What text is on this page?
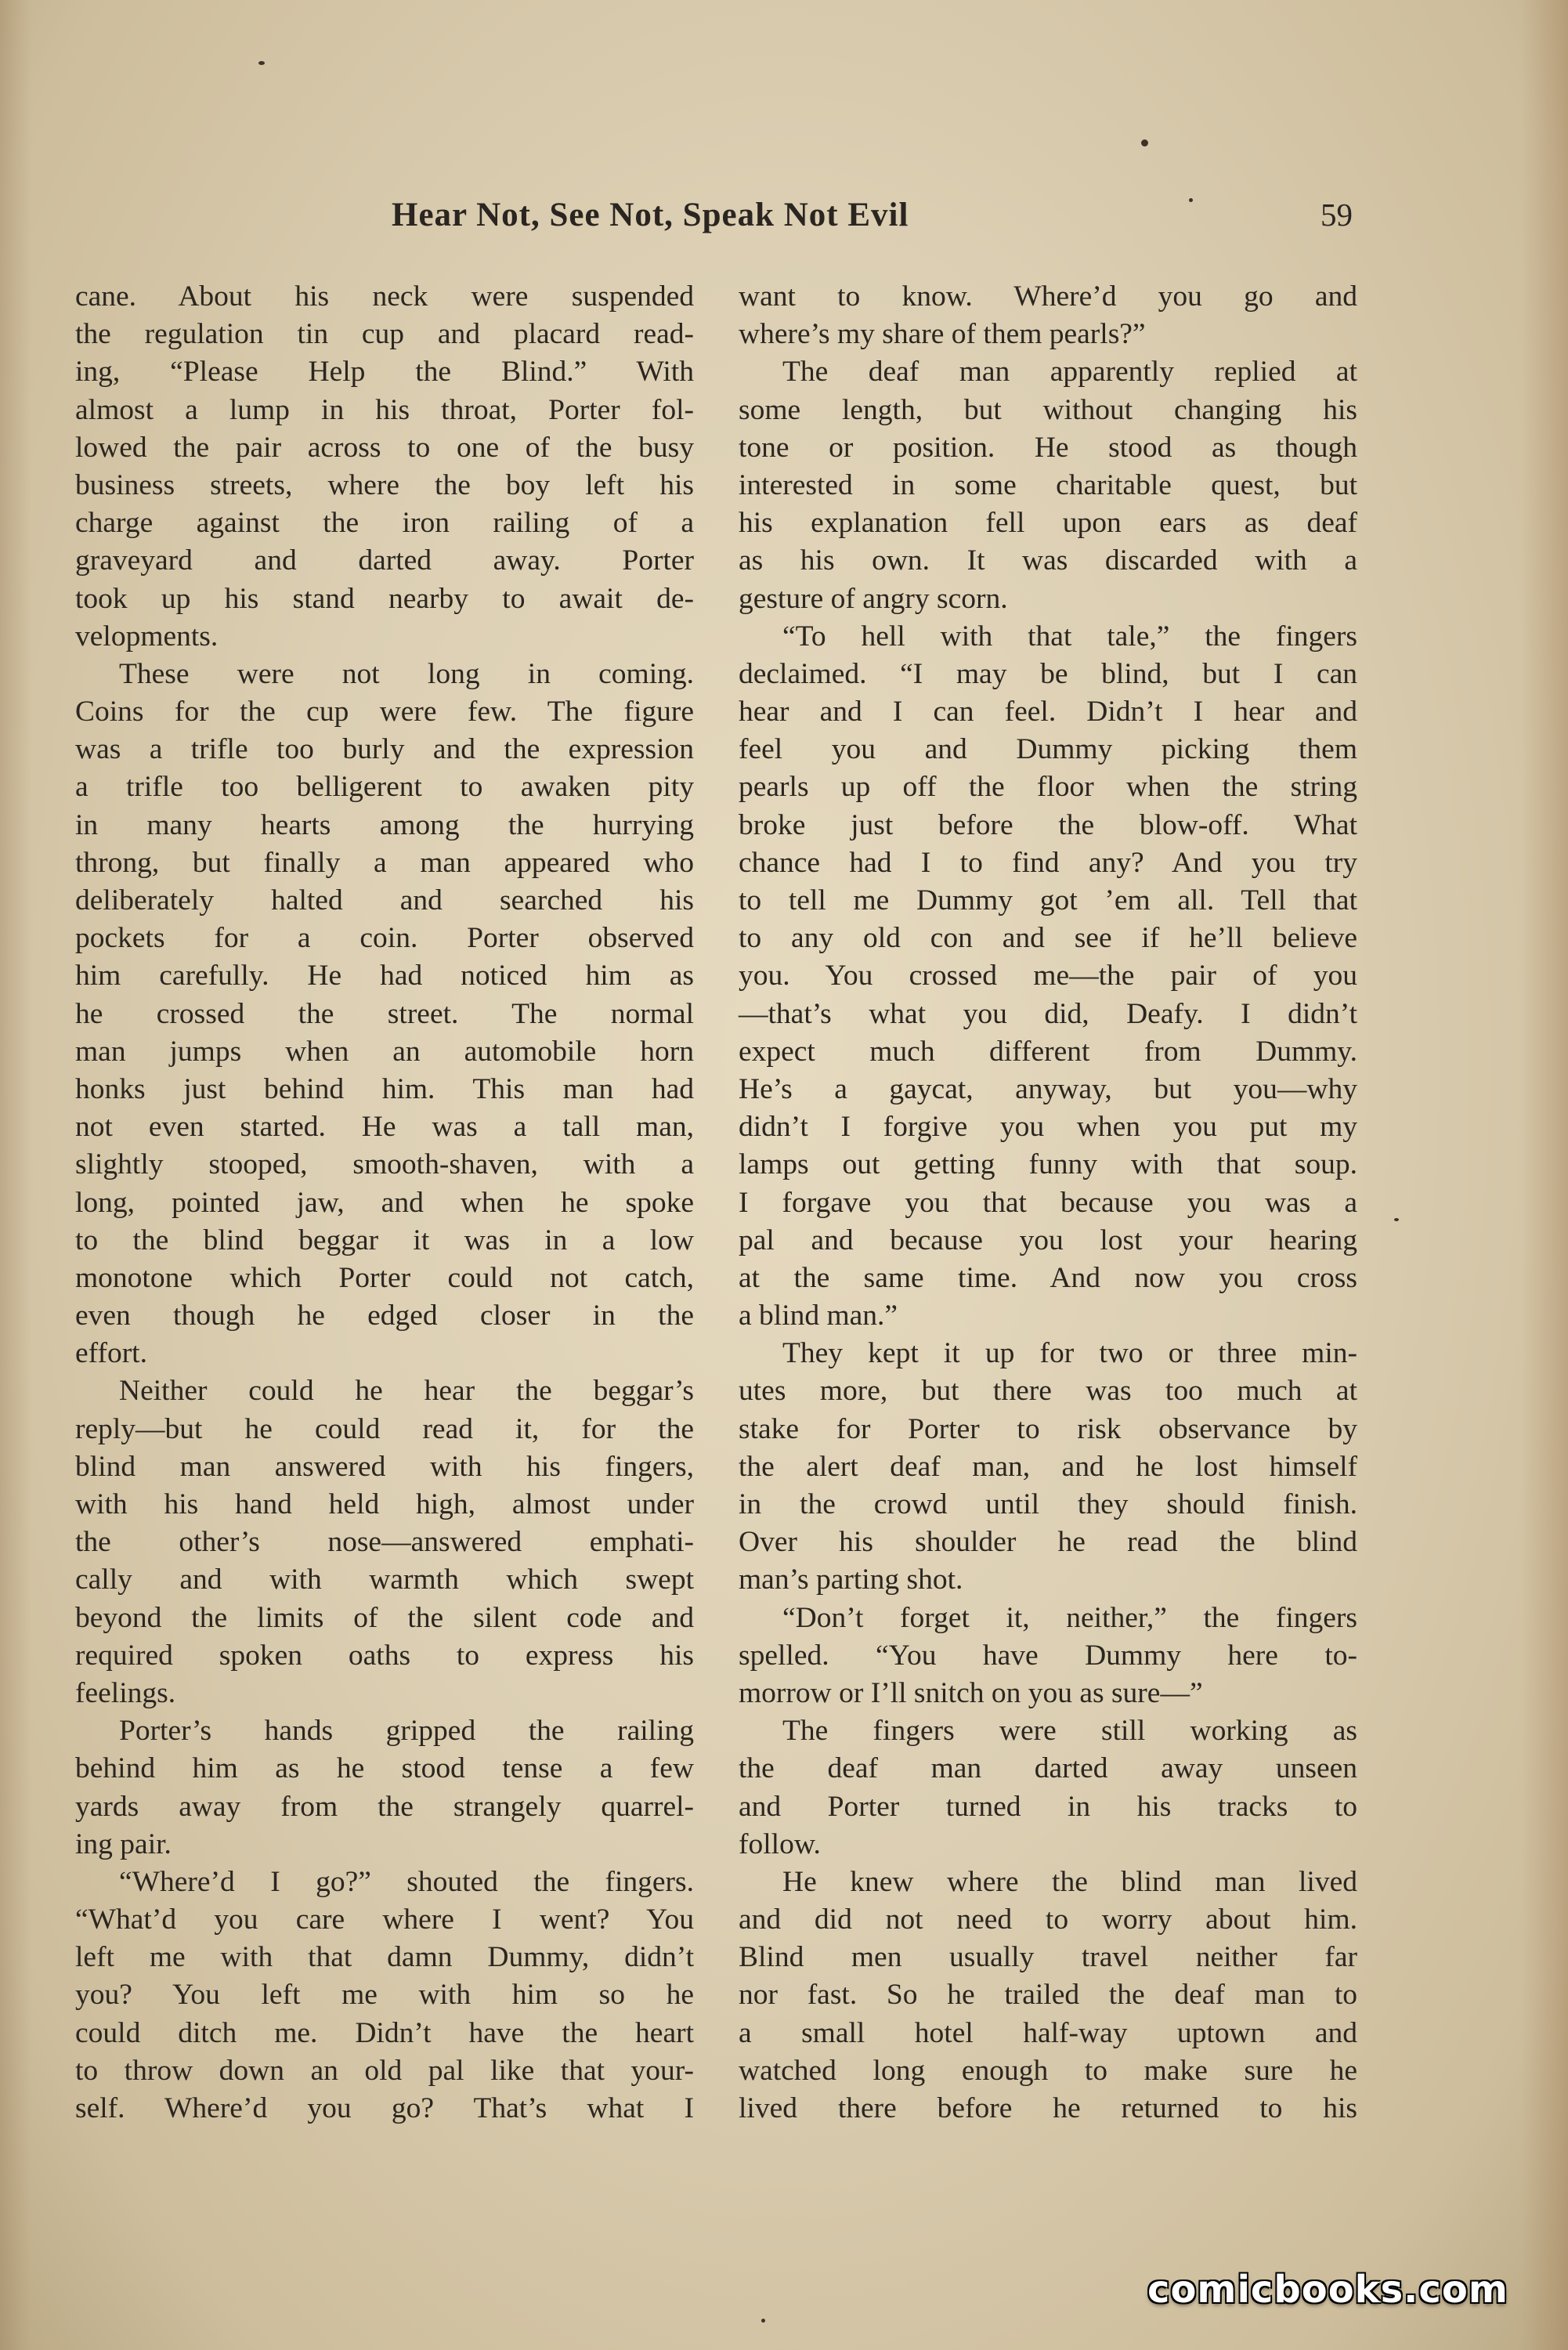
Hear Not, See Not, Speak Not Evil	59
cane. About his neck were suspended
the regulation tin cup and placard read-
ing, “Please Help the Blind.” With
almost a lump in his throat, Porter fol-
lowed the pair across to one of the busy
business streets, where the boy left his
charge against the iron railing of a
graveyard and darted away. Porter
took up his stand nearby to await de-
velopments.
These were not long in coming.
Coins for the cup were few. The figure
was a trifle too burly and the expression
a trifle too belligerent to awaken pity
in many hearts among the hurrying
throng, but finally a man appeared who
deliberately halted and searched his
pockets for a coin. Porter observed
him carefully. He had noticed him as
he crossed the street. The normal
man jumps when an automobile horn
honks just behind him. This man had
not even started. He was a tall man,
slightly stooped, smooth-shaven, with a
long, pointed jaw, and when he spoke
to the blind beggar it was in a low
monotone which Porter could not catch,
even though he edged closer in the
effort.
Neither could he hear the beggar’s
reply—but he could read it, for the
blind man answered with his fingers,
with his hand held high, almost under
the other’s nose—answered emphati-
cally and with warmth which swept
beyond the limits of the silent code and
required spoken oaths to express his
feelings.
Porter’s hands gripped the railing
behind him as he stood tense a few
yards away from the strangely quarrel-
ing pair.
“Where’d I go?” shouted the fingers.
“What’d you care where I went? You
left me with that damn Dummy, didn’t
you? You left me with him so he
could ditch me. Didn’t have the heart
to throw down an old pal like that your-
self. Where’d you go? That’s what I
want to know. Where’d you go and
where’s my share of them pearls?”
The deaf man apparently replied at
some length, but without changing his
tone or position. He stood as though
interested in some charitable quest, but
his explanation fell upon ears as deaf
as his own. It was discarded with a
gesture of angry scorn.
“To hell with that tale,” the fingers
declaimed. “I may be blind, but I can
hear and I can feel. Didn’t I hear and
feel you and Dummy picking them
pearls up off the floor when the string
broke just before the blow-off. What
chance had I to find any? And you try
to tell me Dummy got ’em all. Tell that
to any old con and see if he’ll believe
you. You crossed me—the pair of you
—that’s what you did, Deafy. I didn’t
expect much different from Dummy.
He’s a gaycat, anyway, but you—why
didn’t I forgive you when you put my
lamps out getting funny with that soup.
I forgave you that because you was a
pal and because you lost your hearing
at the same time. And now you cross
a blind man.”
They kept it up for two or three min-
utes more, but there was too much at
stake for Porter to risk observance by
the alert deaf man, and he lost himself
in the crowd until they should finish.
Over his shoulder he read the blind
man’s parting shot.
“Don’t forget it, neither,” the fingers
spelled. “You have Dummy here to-
morrow or I’ll snitch on you as sure—”
The fingers were still working as
the deaf man darted away unseen
and Porter turned in his tracks to
follow.
He knew where the blind man lived
and did not need to worry about him.
Blind men usually travel neither far
nor fast. So he trailed the deaf man to
a small hotel half-way uptown and
watched long enough to make sure he
lived there before he returned to his
comicbooks.com
